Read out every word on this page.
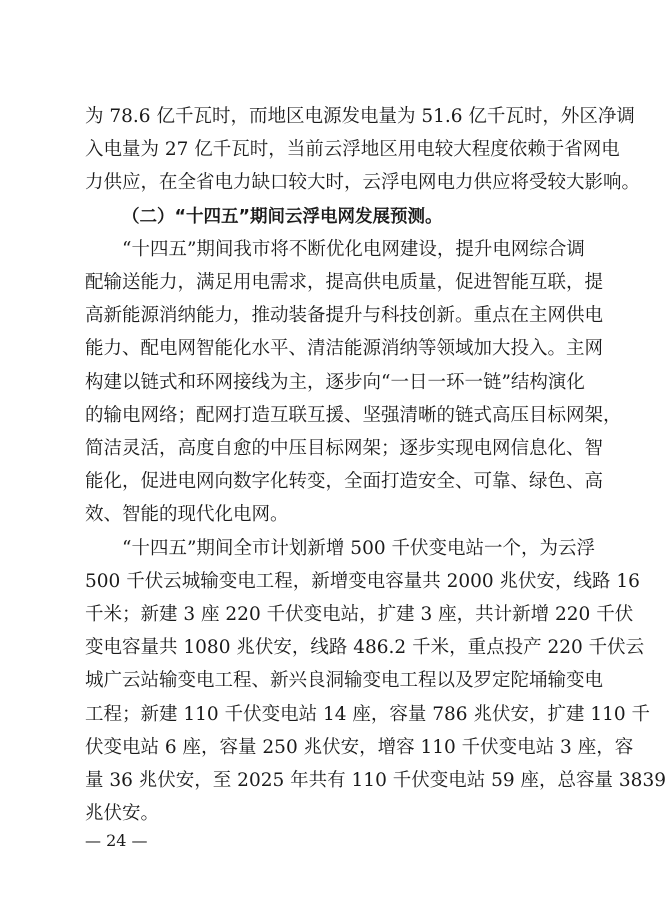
为 78.6 亿千瓦时，而地区电源发电量为 51.6 亿千瓦时，外区净调
入电量为 27 亿千瓦时，当前云浮地区用电较大程度依赖于省网电
力供应，在全省电力缺口较大时，云浮电网电力供应将受较大影响。
（二）“十四五”期间云浮电网发展预测。
“十四五”期间我市将不断优化电网建设，提升电网综合调
配输送能力，满足用电需求，提高供电质量，促进智能互联，提
高新能源消纳能力，推动装备提升与科技创新。重点在主网供电
能力、配电网智能化水平、清洁能源消纳等领域加大投入。主网
构建以链式和环网接线为主，逐步向“一日一环一链”结构演化
的输电网络；配网打造互联互援、坚强清晰的链式高压目标网架，
简洁灵活，高度自愈的中压目标网架；逐步实现电网信息化、智
能化，促进电网向数字化转变，全面打造安全、可靠、绿色、高
效、智能的现代化电网。
“十四五”期间全市计划新增 500 千伏变电站一个，为云浮
500 千伏云城输变电工程，新增变电容量共 2000 兆伏安，线路 16
千米；新建 3 座 220 千伏变电站，扩建 3 座，共计新增 220 千伏
变电容量共 1080 兆伏安，线路 486.2 千米，重点投产 220 千伏云
城广云站输变电工程、新兴良洞输变电工程以及罗定陀埇输变电
工程；新建 110 千伏变电站 14 座，容量 786 兆伏安，扩建 110 千
伏变电站 6 座，容量 250 兆伏安，增容 110 千伏变电站 3 座，容
量 36 兆伏安，至 2025 年共有 110 千伏变电站 59 座，总容量 3839
兆伏安。
— 24 —
